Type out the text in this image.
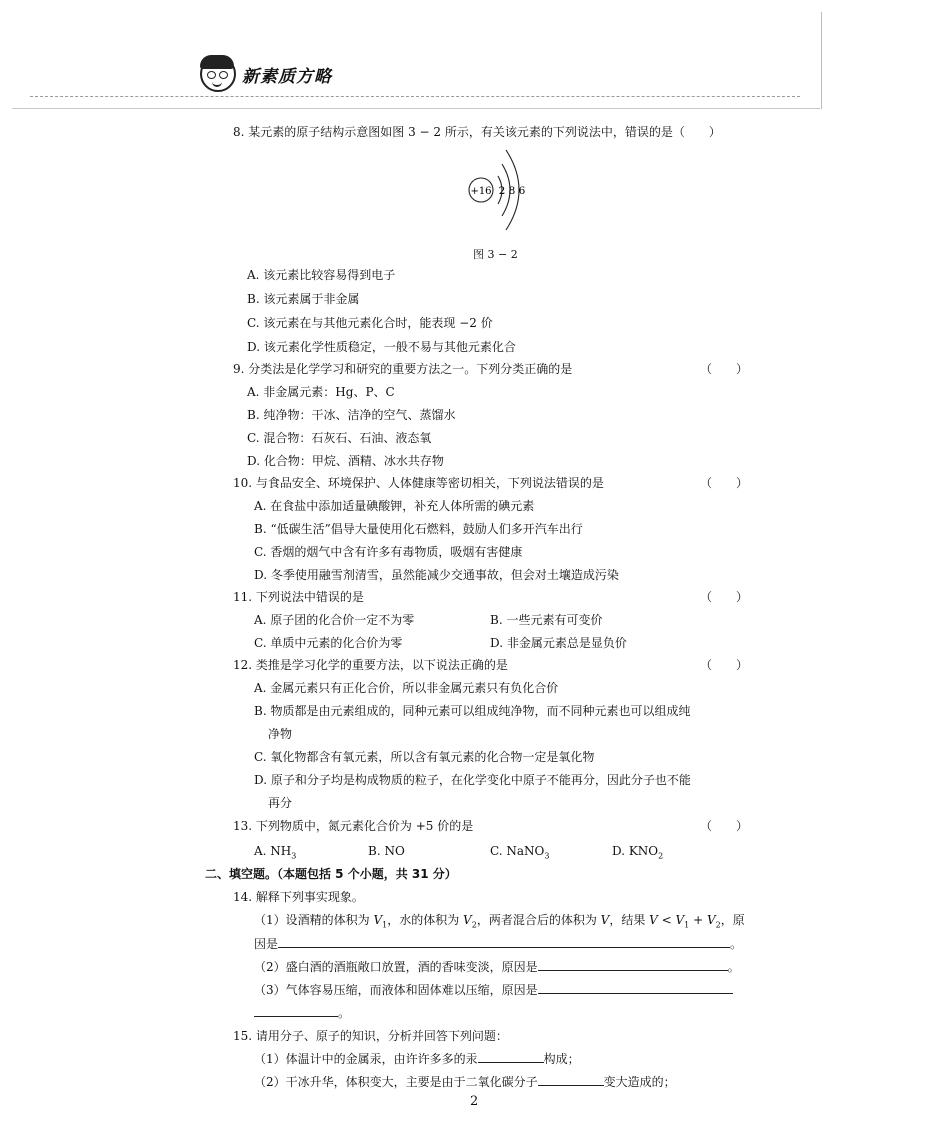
新素质方略
8. 某元素的原子结构示意图如图 3 − 2 所示，有关该元素的下列说法中，错误的是（　　）
+16 2 8 6
图 3 − 2
A. 该元素比较容易得到电子
B. 该元素属于非金属
C. 该元素在与其他元素化合时，能表现 −2 价
D. 该元素化学性质稳定，一般不易与其他元素化合
9. 分类法是化学学习和研究的重要方法之一。下列分类正确的是	（　　）
A. 非金属元素：Hg、P、C
B. 纯净物：干冰、洁净的空气、蒸馏水
C. 混合物：石灰石、石油、液态氧
D. 化合物：甲烷、酒精、冰水共存物
10. 与食品安全、环境保护、人体健康等密切相关，下列说法错误的是	（　　）
A. 在食盐中添加适量碘酸钾，补充人体所需的碘元素
B. “低碳生活”倡导大量使用化石燃料，鼓励人们多开汽车出行
C. 香烟的烟气中含有许多有毒物质，吸烟有害健康
D. 冬季使用融雪剂清雪，虽然能减少交通事故，但会对土壤造成污染
11. 下列说法中错误的是	（　　）
A. 原子团的化合价一定不为零	B. 一些元素有可变价
C. 单质中元素的化合价为零	D. 非金属元素总是显负价
12. 类推是学习化学的重要方法，以下说法正确的是	（　　）
A. 金属元素只有正化合价，所以非金属元素只有负化合价
B. 物质都是由元素组成的，同种元素可以组成纯净物，而不同种元素也可以组成纯
净物
C. 氧化物都含有氧元素，所以含有氧元素的化合物一定是氧化物
D. 原子和分子均是构成物质的粒子，在化学变化中原子不能再分，因此分子也不能
再分
13. 下列物质中，氮元素化合价为 +5 价的是	（　　）
A. $NH_3$	B. NO	C. NaNO$_3$	D. $KNO_2$
二、填空题。（本题包括 5 个小题，共 31 分）
14. 解释下列事实现象。
（1）设酒精的体积为 $V_1$，水的体积为 $V_2$，两者混合后的体积为 V，结果 $V < V_1 + V_2$，原
因是	。
（2）盛白酒的酒瓶敞口放置，酒的香味变淡，原因是	。
（3）气体容易压缩，而液体和固体难以压缩，原因是
。
15. 请用分子、原子的知识，分析并回答下列问题：
（1）体温计中的金属汞，由许许多多的汞	构成；
（2）干冰升华，体积变大，主要是由于二氧化碳分子	变大造成的；
2
